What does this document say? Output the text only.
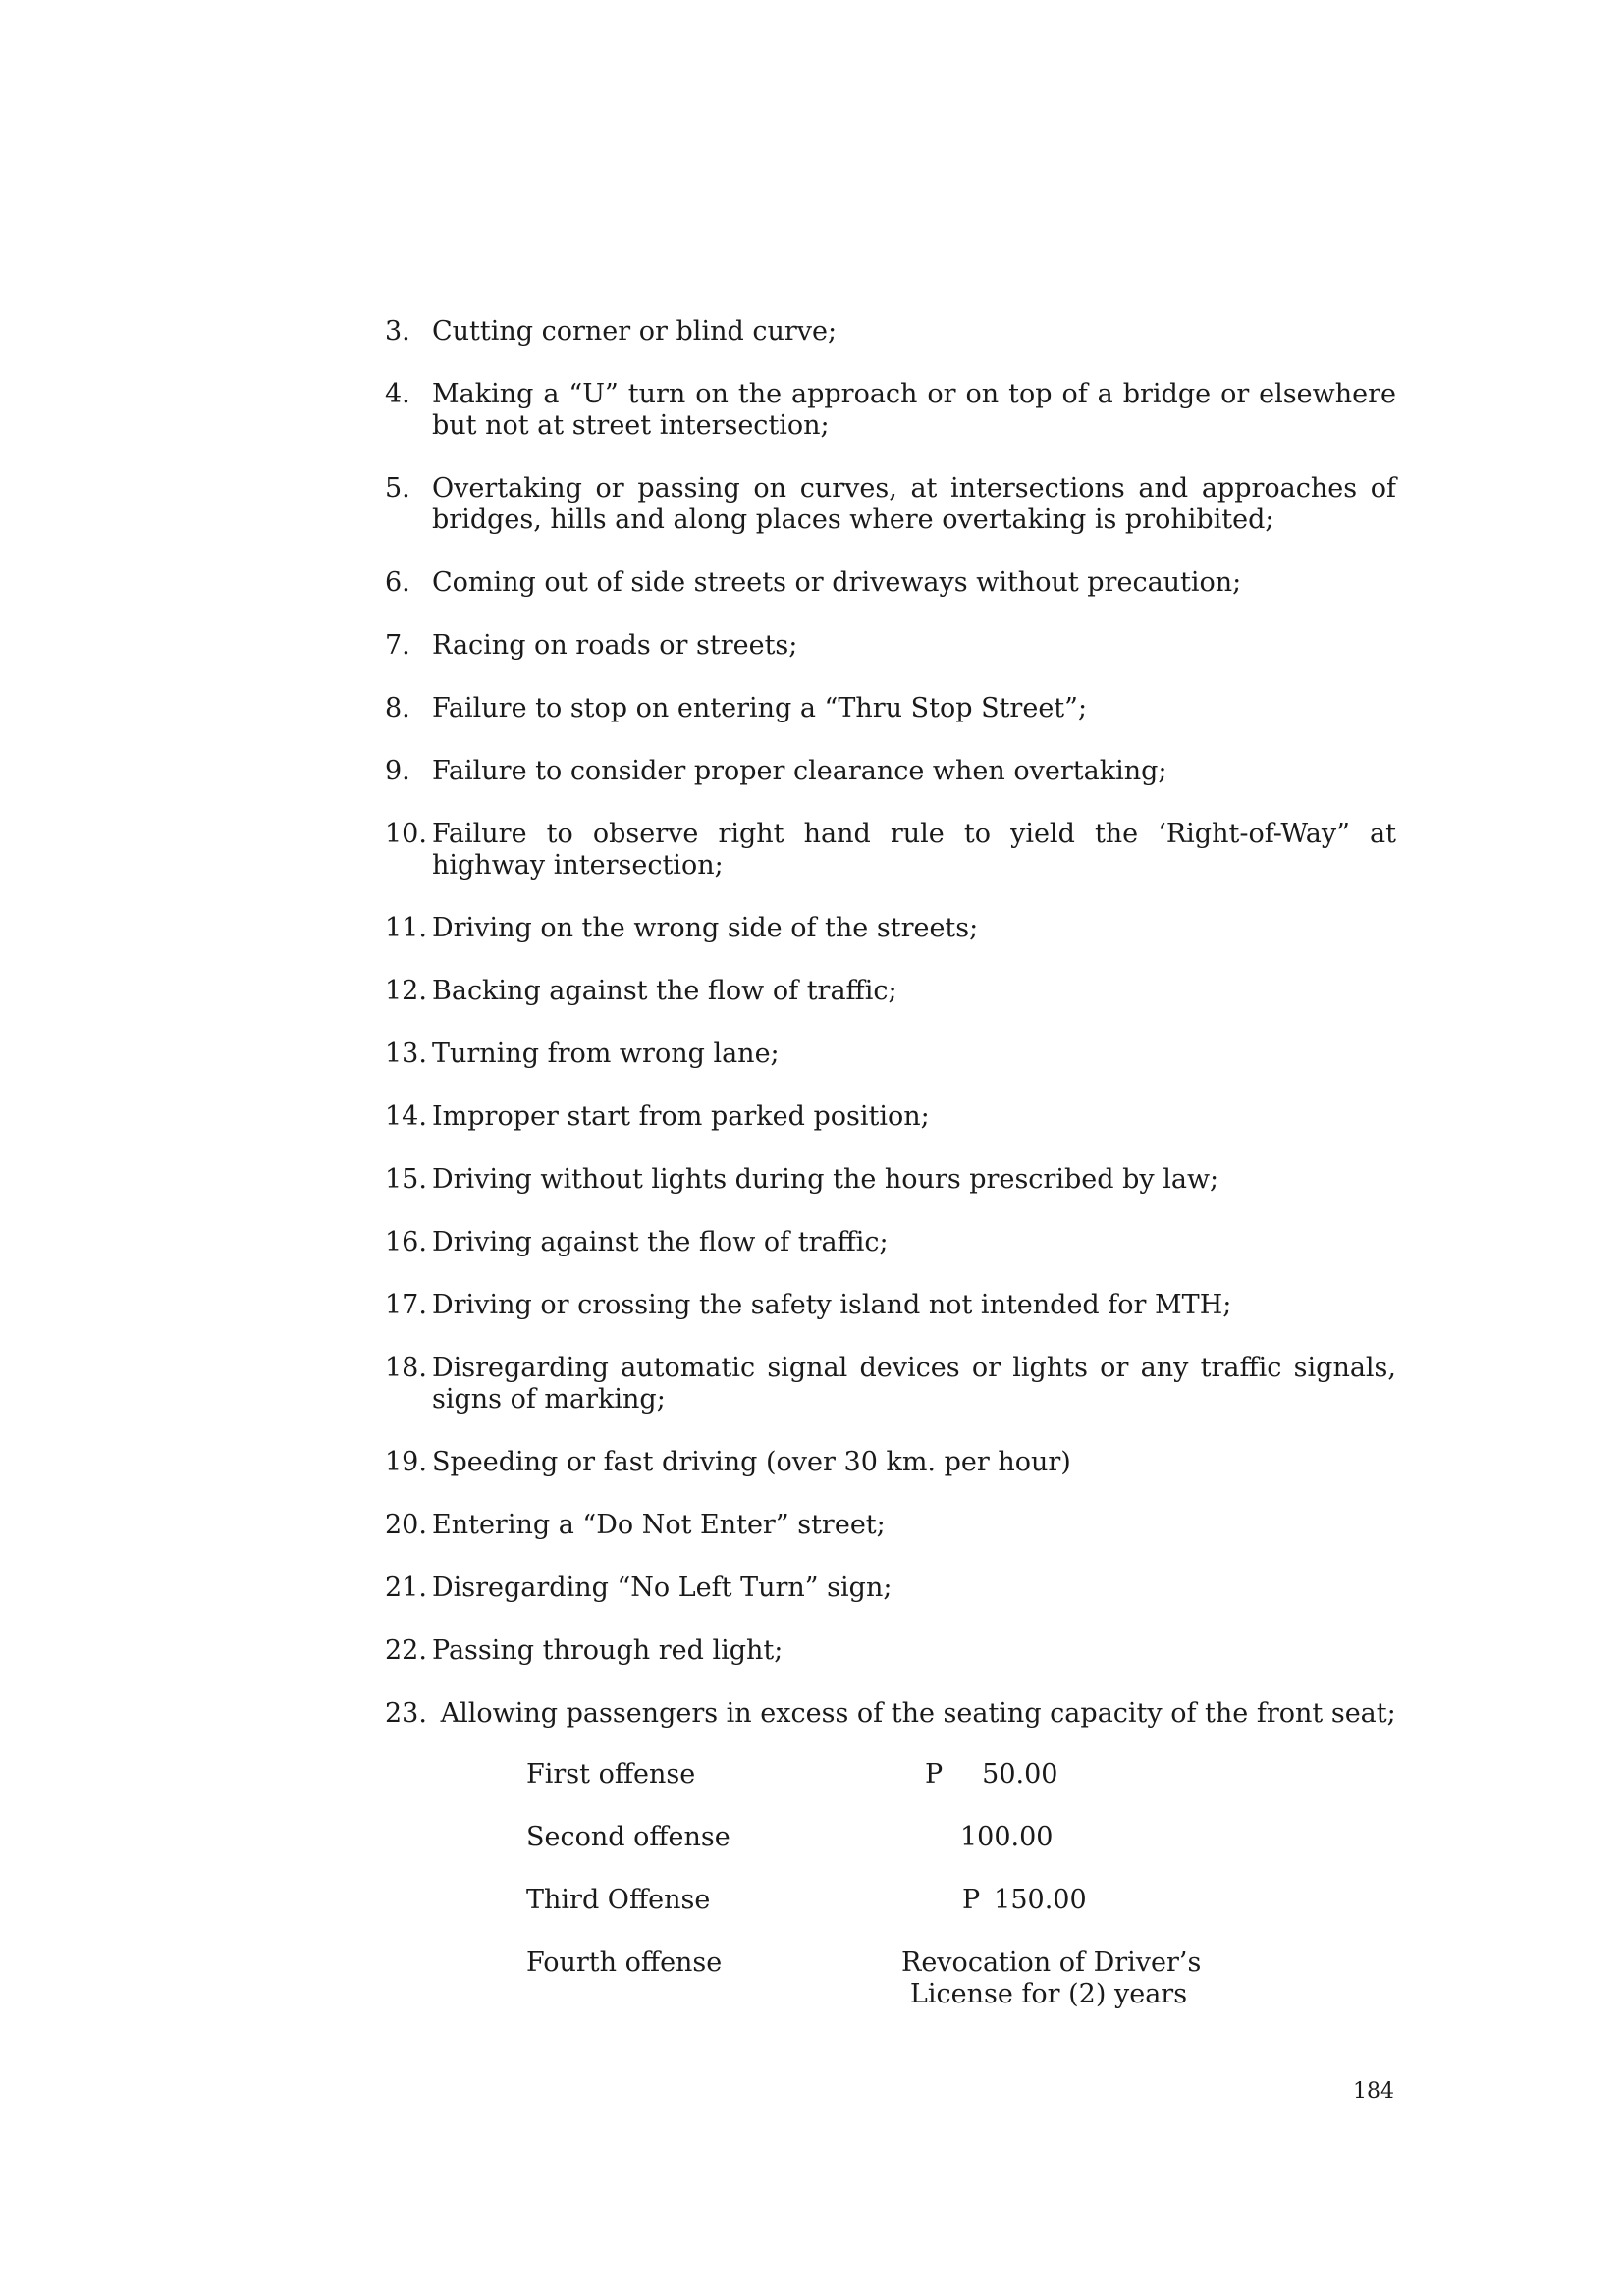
3. Cutting corner or blind curve;
4. Making a “U” turn on the approach or on top of a bridge or elsewhere but not at street intersection;
5. Overtaking or passing on curves, at intersections and approaches of bridges, hills and along places where overtaking is prohibited;
6. Coming out of side streets or driveways without precaution;
7. Racing on roads or streets;
8. Failure to stop on entering a “Thru Stop Street”;
9. Failure to consider proper clearance when overtaking;
10. Failure to observe right hand rule to yield the ‘Right-of-Way” at highway intersection;
11. Driving on the wrong side of the streets;
12. Backing against the flow of traffic;
13. Turning from wrong lane;
14. Improper start from parked position;
15. Driving without lights during the hours prescribed by law;
16. Driving against the flow of traffic;
17. Driving or crossing the safety island not intended for MTH;
18. Disregarding automatic signal devices or lights or any traffic signals, signs of marking;
19. Speeding or fast driving (over 30 km. per hour)
20. Entering a “Do Not Enter” street;
21. Disregarding “No Left Turn” sign;
22. Passing through red light;
23. Allowing passengers in excess of the seating capacity of the front seat;
First offense	P 50.00
Second offense	100.00
Third Offense	P 150.00
Fourth offense	Revocation of Driver’s
License for (2) years
184
